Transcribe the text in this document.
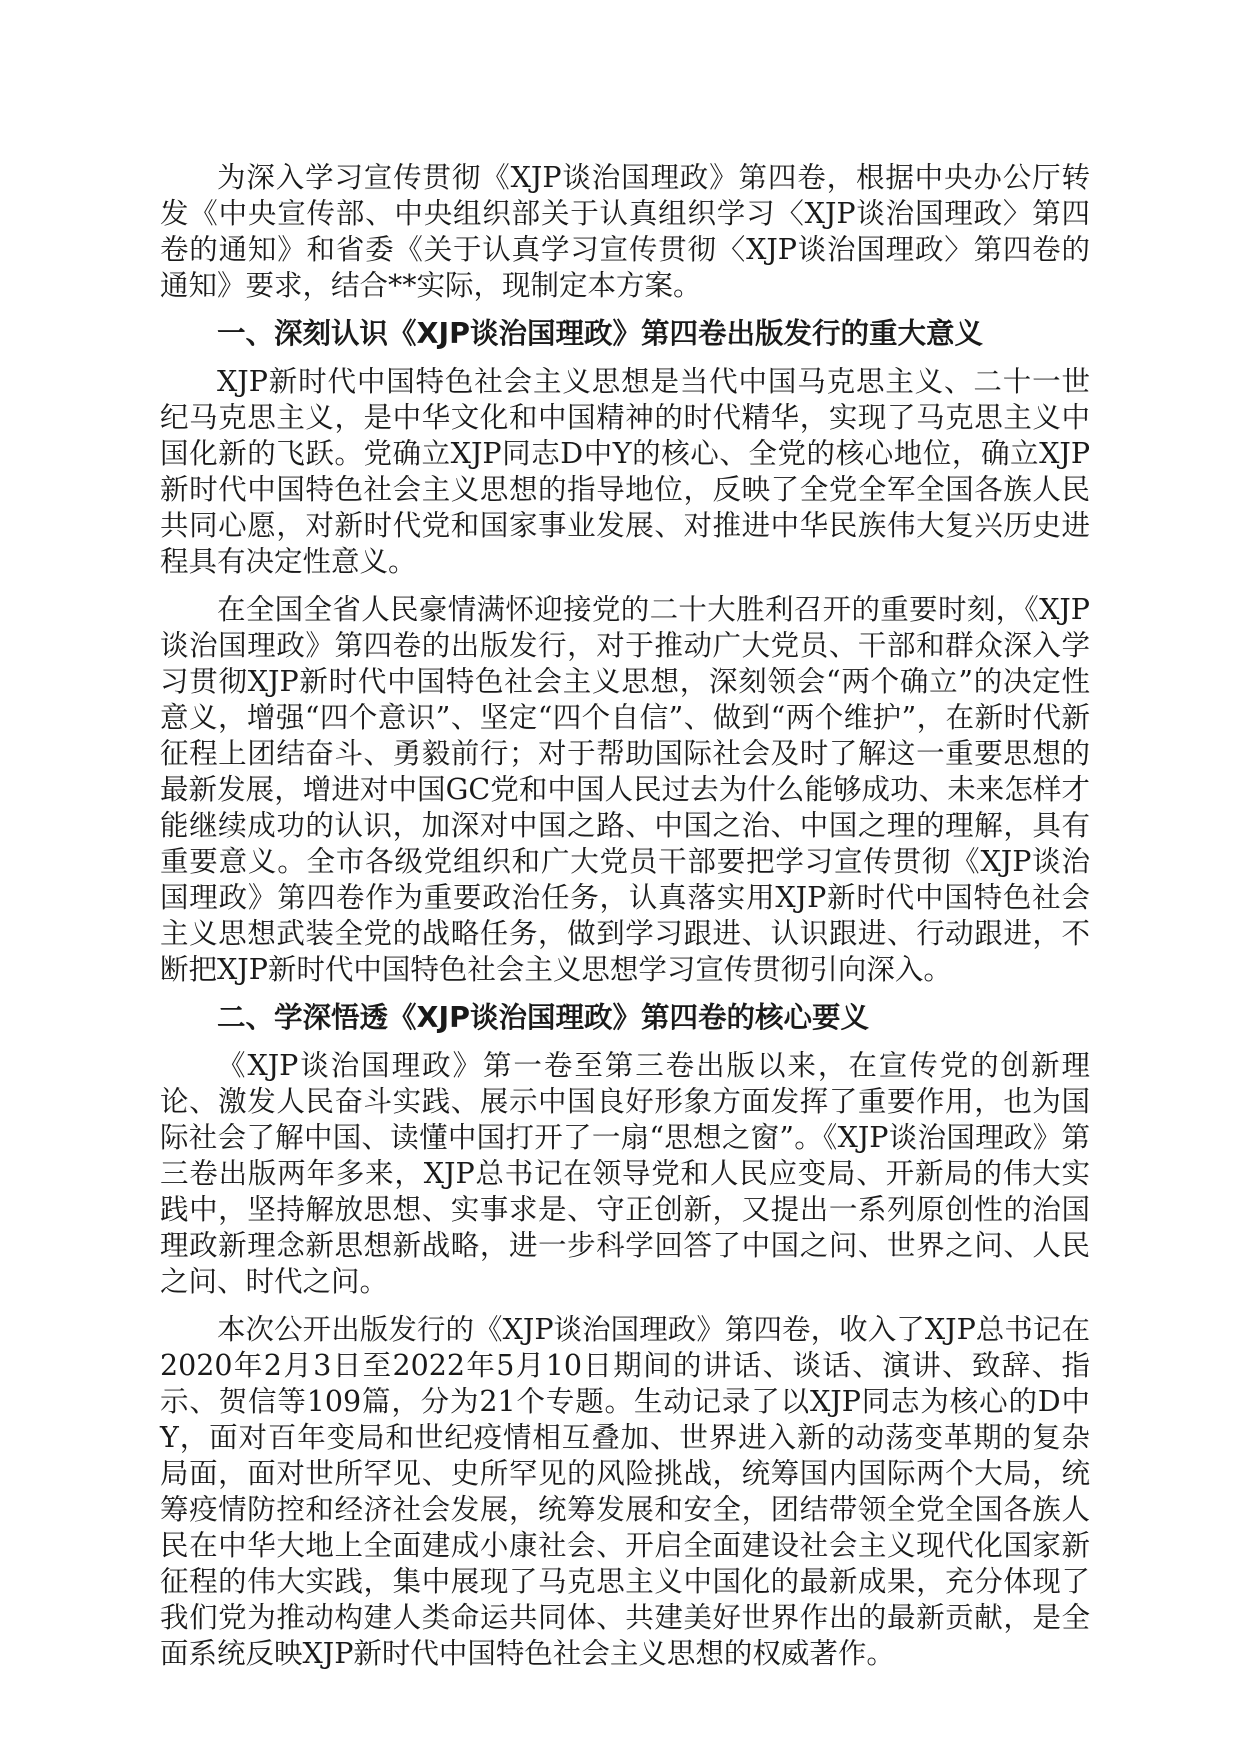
为深入学习宣传贯彻《XJP谈治国理政》第四卷，根据中央办公厅转发《中央宣传部、中央组织部关于认真组织学习〈XJP谈治国理政〉第四卷的通知》和省委《关于认真学习宣传贯彻〈XJP谈治国理政〉第四卷的通知》要求，结合**实际，现制定本方案。

一、深刻认识《XJP谈治国理政》第四卷出版发行的重大意义

XJP新时代中国特色社会主义思想是当代中国马克思主义、二十一世纪马克思主义，是中华文化和中国精神的时代精华，实现了马克思主义中国化新的飞跃。党确立XJP同志D中Y的核心、全党的核心地位，确立XJP新时代中国特色社会主义思想的指导地位，反映了全党全军全国各族人民共同心愿，对新时代党和国家事业发展、对推进中华民族伟大复兴历史进程具有决定性意义。

在全国全省人民豪情满怀迎接党的二十大胜利召开的重要时刻，《XJP谈治国理政》第四卷的出版发行，对于推动广大党员、干部和群众深入学习贯彻XJP新时代中国特色社会主义思想，深刻领会“两个确立”的决定性意义，增强“四个意识”、坚定“四个自信”、做到“两个维护”，在新时代新征程上团结奋斗、勇毅前行；对于帮助国际社会及时了解这一重要思想的最新发展，增进对中国GC党和中国人民过去为什么能够成功、未来怎样才能继续成功的认识，加深对中国之路、中国之治、中国之理的理解，具有重要意义。全市各级党组织和广大党员干部要把学习宣传贯彻《XJP谈治国理政》第四卷作为重要政治任务，认真落实用XJP新时代中国特色社会主义思想武装全党的战略任务，做到学习跟进、认识跟进、行动跟进，不断把XJP新时代中国特色社会主义思想学习宣传贯彻引向深入。

二、学深悟透《XJP谈治国理政》第四卷的核心要义

《XJP谈治国理政》第一卷至第三卷出版以来，在宣传党的创新理论、激发人民奋斗实践、展示中国良好形象方面发挥了重要作用，也为国际社会了解中国、读懂中国打开了一扇“思想之窗”。《XJP谈治国理政》第三卷出版两年多来，XJP总书记在领导党和人民应变局、开新局的伟大实践中，坚持解放思想、实事求是、守正创新，又提出一系列原创性的治国理政新理念新思想新战略，进一步科学回答了中国之问、世界之问、人民之问、时代之问。

本次公开出版发行的《XJP谈治国理政》第四卷，收入了XJP总书记在2020年2月3日至2022年5月10日期间的讲话、谈话、演讲、致辞、指示、贺信等109篇，分为21个专题。生动记录了以XJP同志为核心的D中Y，面对百年变局和世纪疫情相互叠加、世界进入新的动荡变革期的复杂局面，面对世所罕见、史所罕见的风险挑战，统筹国内国际两个大局，统筹疫情防控和经济社会发展，统筹发展和安全，团结带领全党全国各族人民在中华大地上全面建成小康社会、开启全面建设社会主义现代化国家新征程的伟大实践，集中展现了马克思主义中国化的最新成果，充分体现了我们党为推动构建人类命运共同体、共建美好世界作出的最新贡献，是全面系统反映XJP新时代中国特色社会主义思想的权威著作。
